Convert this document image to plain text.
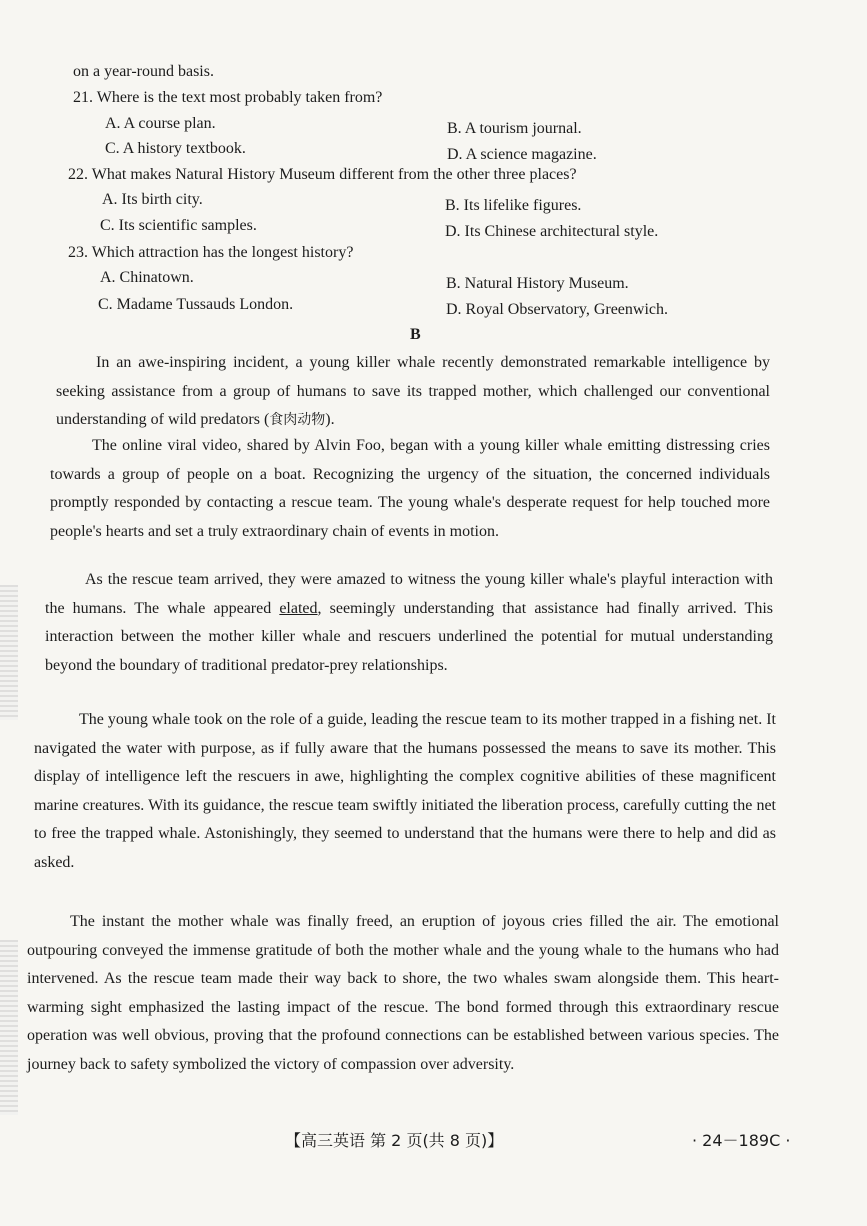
on a year-round basis.
21. Where is the text most probably taken from?
A. A course plan.	B. A tourism journal.
C. A history textbook.	D. A science magazine.
22. What makes Natural History Museum different from the other three places?
A. Its birth city.	B. Its lifelike figures.
C. Its scientific samples.	D. Its Chinese architectural style.
23. Which attraction has the longest history?
A. Chinatown.	B. Natural History Museum.
C. Madame Tussauds London.	D. Royal Observatory, Greenwich.
B

In an awe-inspiring incident, a young killer whale recently demonstrated remarkable intelligence by seeking assistance from a group of humans to save its trapped mother, which challenged our conventional understanding of wild predators (食肉动物).

The online viral video, shared by Alvin Foo, began with a young killer whale emitting distressing cries towards a group of people on a boat. Recognizing the urgency of the situation, the concerned individuals promptly responded by contacting a rescue team. The young whale's desperate request for help touched more people's hearts and set a truly extraordinary chain of events in motion.

As the rescue team arrived, they were amazed to witness the young killer whale's playful interaction with the humans. The whale appeared elated, seemingly understanding that assistance had finally arrived. This interaction between the mother killer whale and rescuers underlined the potential for mutual understanding beyond the boundary of traditional predator-prey relationships.

The young whale took on the role of a guide, leading the rescue team to its mother trapped in a fishing net. It navigated the water with purpose, as if fully aware that the humans possessed the means to save its mother. This display of intelligence left the rescuers in awe, highlighting the complex cognitive abilities of these magnificent marine creatures. With its guidance, the rescue team swiftly initiated the liberation process, carefully cutting the net to free the trapped whale. Astonishingly, they seemed to understand that the humans were there to help and did as asked.

The instant the mother whale was finally freed, an eruption of joyous cries filled the air. The emotional outpouring conveyed the immense gratitude of both the mother whale and the young whale to the humans who had intervened. As the rescue team made their way back to shore, the two whales swam alongside them. This heart-warming sight emphasized the lasting impact of the rescue. The bond formed through this extraordinary rescue operation was well obvious, proving that the profound connections can be established between various species. The journey back to safety symbolized the victory of compassion over adversity.

【高三英语 第 2 页(共 8 页)】	· 24－189C ·
